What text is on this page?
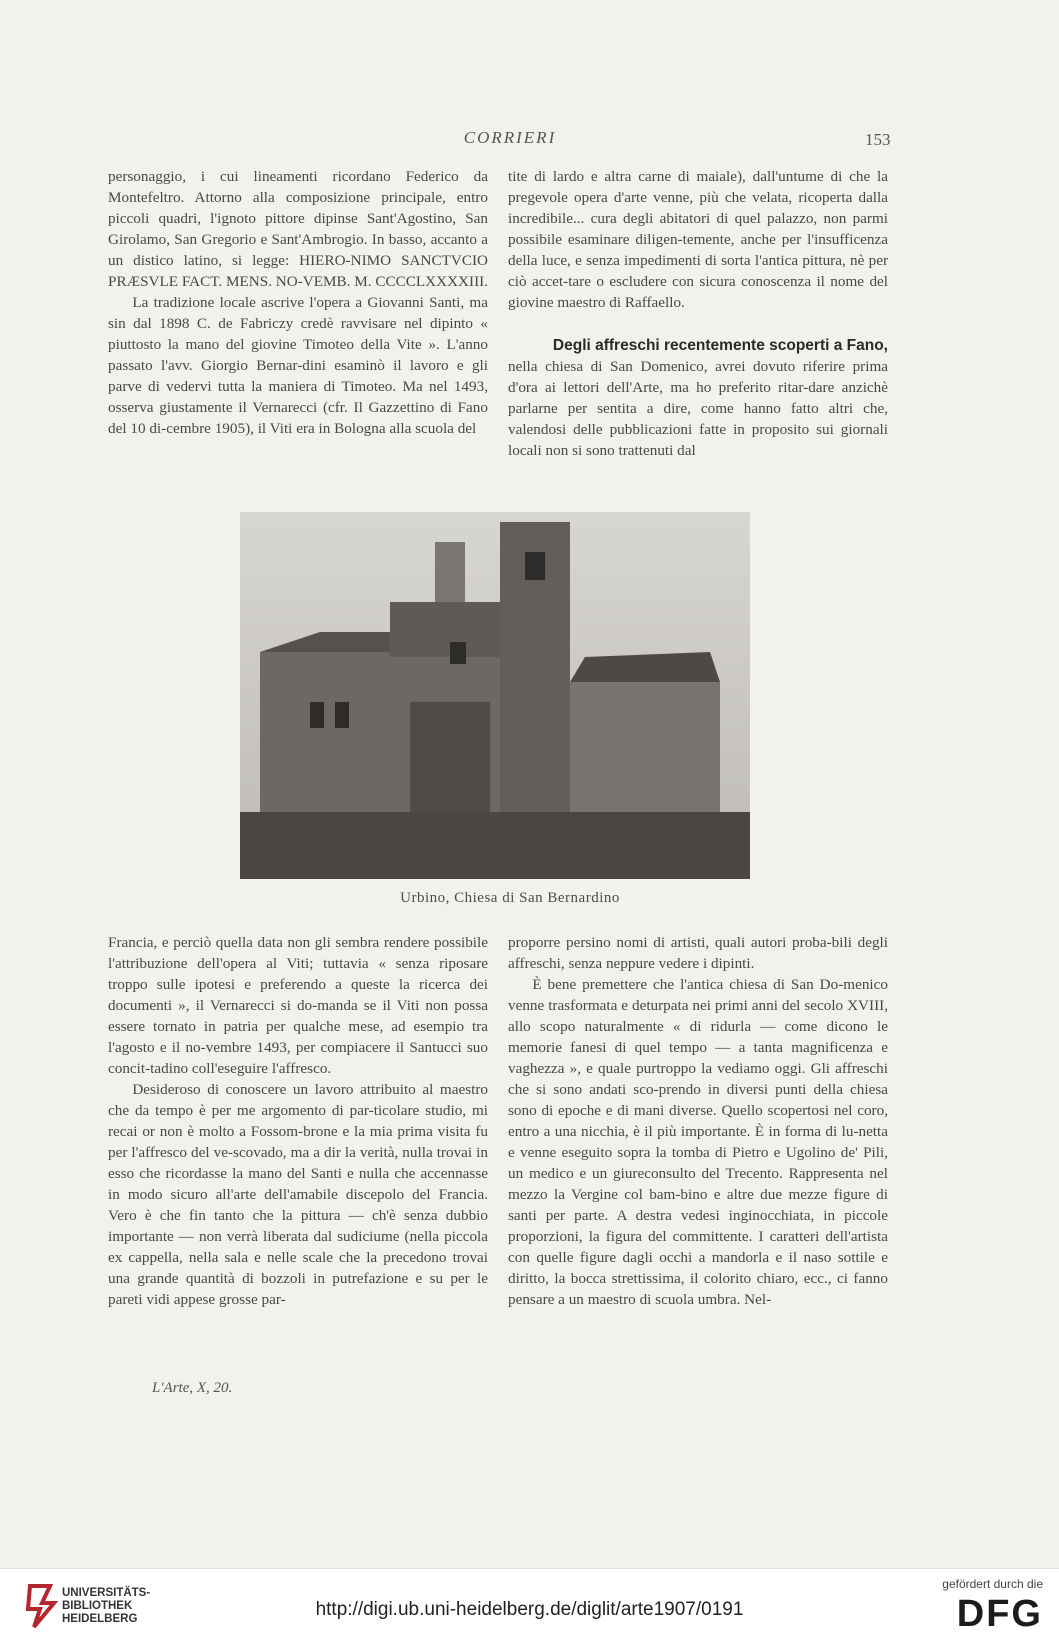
CORRIERI	153

personaggio, i cui lineamenti ricordano Federico da Montefeltro. Attorno alla composizione principale, entro piccoli quadri, l'ignoto pittore dipinse Sant'Agostino, San Girolamo, San Gregorio e Sant'Ambrogio. In basso, accanto a un distico latino, si legge: HIERO-NIMO SANCTVCIO PRÆSVLE FACT. MENS. NO-VEMB. M. CCCCLXXXXIII.

La tradizione locale ascrive l'opera a Giovanni Santi, ma sin dal 1898 C. de Fabriczy credè ravvisare nel dipinto « piuttosto la mano del giovine Timoteo della Vite ». L'anno passato l'avv. Giorgio Bernar-dini esaminò il lavoro e gli parve di vedervi tutta la maniera di Timoteo. Ma nel 1493, osserva giustamente il Vernarecci (cfr. Il Gazzettino di Fano del 10 di-cembre 1905), il Viti era in Bologna alla scuola del

tite di lardo e altra carne di maiale), dall'untume di che la pregevole opera d'arte venne, più che velata, ricoperta dalla incredibile... cura degli abitatori di quel palazzo, non parmi possibile esaminare diligen-temente, anche per l'insufficenza della luce, e senza impedimenti di sorta l'antica pittura, nè per ciò accet-tare o escludere con sicura conoscenza il nome del giovine maestro di Raffaello.

Degli affreschi recentemente scoperti a Fano,

nella chiesa di San Domenico, avrei dovuto riferire prima d'ora ai lettori dell'Arte, ma ho preferito ritar-dare anzichè parlarne per sentita a dire, come hanno fatto altri che, valendosi delle pubblicazioni fatte in proposito sui giornali locali non si sono trattenuti dal

Urbino, Chiesa di San Bernardino

Francia, e perciò quella data non gli sembra rendere possibile l'attribuzione dell'opera al Viti; tuttavia « senza riposare troppo sulle ipotesi e preferendo a queste la ricerca dei documenti », il Vernarecci si do-manda se il Viti non possa essere tornato in patria per qualche mese, ad esempio tra l'agosto e il no-vembre 1493, per compiacere il Santucci suo concit-tadino coll'eseguire l'affresco.

Desideroso di conoscere un lavoro attribuito al maestro che da tempo è per me argomento di par-ticolare studio, mi recai or non è molto a Fossom-brone e la mia prima visita fu per l'affresco del ve-scovado, ma a dir la verità, nulla trovai in esso che ricordasse la mano del Santi e nulla che accennasse in modo sicuro all'arte dell'amabile discepolo del Francia. Vero è che fin tanto che la pittura — ch'è senza dubbio importante — non verrà liberata dal sudiciume (nella piccola ex cappella, nella sala e nelle scale che la precedono trovai una grande quantità di bozzoli in putrefazione e su per le pareti vidi appese grosse par-

proporre persino nomi di artisti, quali autori proba-bili degli affreschi, senza neppure vedere i dipinti.

È bene premettere che l'antica chiesa di San Do-menico venne trasformata e deturpata nei primi anni del secolo XVIII, allo scopo naturalmente « di ridurla — come dicono le memorie fanesi di quel tempo — a tanta magnificenza e vaghezza », e quale purtroppo la vediamo oggi. Gli affreschi che si sono andati sco-prendo in diversi punti della chiesa sono di epoche e di mani diverse. Quello scopertosi nel coro, entro a una nicchia, è il più importante. È in forma di lu-netta e venne eseguito sopra la tomba di Pietro e Ugolino de' Pili, un medico e un giureconsulto del Trecento. Rappresenta nel mezzo la Vergine col bam-bino e altre due mezze figure di santi per parte. A destra vedesi inginocchiata, in piccole proporzioni, la figura del committente. I caratteri dell'artista con quelle figure dagli occhi a mandorla e il naso sottile e diritto, la bocca strettissima, il colorito chiaro, ecc., ci fanno pensare a un maestro di scuola umbra. Nel-

L'Arte, X, 20.
UNIVERSITÄTS-
BIBLIOTHEK
HEIDELBERG	http://digi.ub.uni-heidelberg.de/diglit/arte1907/0191
gefördert durch die
DFG
